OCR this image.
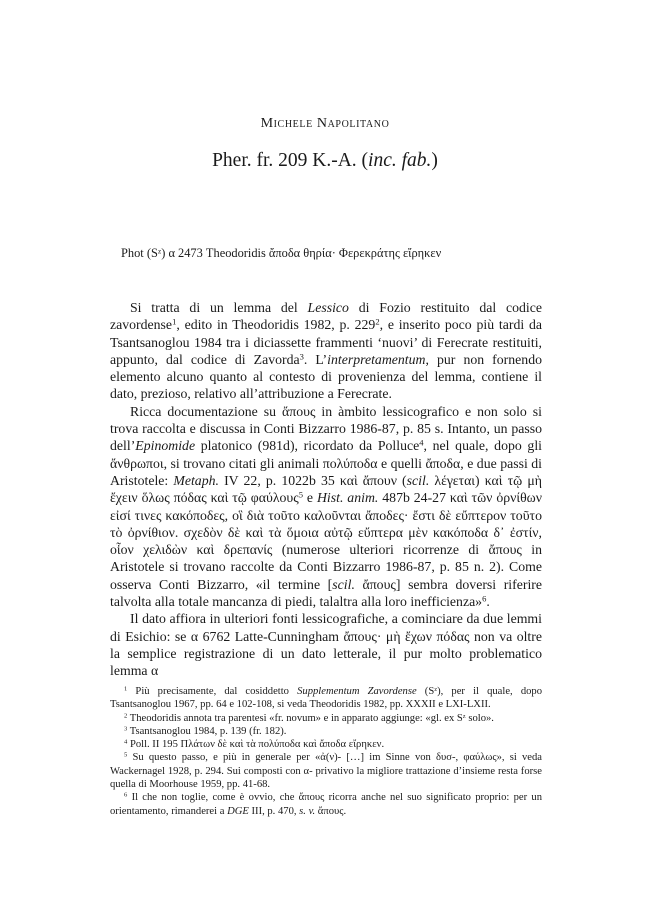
Michele Napolitano
Pher. fr. 209 K.-A. (inc. fab.)
Phot (Sᶻ) α 2473 Theodoridis ἄποδα θηρία· Φερεκράτης εἴρηκεν

Si tratta di un lemma del Lessico di Fozio restituito dal codice zavordense$^1$, edito in Theodoridis 1982, p. $229^2$, e inserito poco più tardi da Tsantsanoglou 1984 tra i diciassette frammenti ‘nuovi’ di Ferecrate restituiti, appunto, dal codice di Zavorda$^3$. L’interpretamentum, pur non fornendo elemento alcuno quanto al contesto di provenienza del lemma, contiene il dato, prezioso, relativo all’attribuzione a Ferecrate.

Ricca documentazione su ἄπους in àmbito lessicografico e non solo si trova raccolta e discussa in Conti Bizzarro 1986-87, p. 85 s. Intanto, un passo dell’Epinomide platonico (981d), ricordato da Polluce$^4$, nel quale, dopo gli ἄνθρωποι, si trovano citati gli animali πολύποδα e quelli ἄποδα, e due passi di Aristotele: Metaph. IV 22, p. 1022b 35 καὶ ἄπουν (scil. λέγεται) καὶ τῷ μὴ ἔχειν ὅλως πόδας καὶ τῷ φαύλους$^5$ e Hist. anim. 487b 24-27 καὶ τῶν ὀρνίθων εἰσί τινες κακόποδες, οἳ διὰ τοῦτο καλοῦνται ἄποδες· ἔστι δὲ εὔπτερον τοῦτο τὸ ὀρνίθιον. σχεδὸν δὲ καὶ τὰ ὅμοια αὐτῷ εὔπτερα μὲν κακόποδα δ᾽ ἐστίν, οἷον χελιδὼν καὶ δρεπανίς (numerose ulteriori ricorrenze di ἄπους in Aristotele si trovano raccolte da Conti Bizzarro 1986-87, p. 85 n. 2). Come osserva Conti Bizzarro, «il termine [scil. ἄπους] sembra doversi riferire talvolta alla totale mancanza di piedi, talaltra alla loro inefficienza»$^6$.

Il dato affiora in ulteriori fonti lessicografiche, a cominciare da due lemmi di Esichio: se α 6762 Latte-Cunningham ἄπους· μὴ ἔχων πόδας non va oltre la semplice registrazione di un dato letterale, il pur molto problematico lemma α

$^1$ Più precisamente, dal cosiddetto Supplementum Zavordense (Sᶻ), per il quale, dopo Tsantsanoglou 1967, pp. 64 e 102-108, si veda Theodoridis 1982, pp. XXXII e LXI-LXII.

$^2$ Theodoridis annota tra parentesi «fr. novum» e in apparato aggiunge: «gl. ex Sᶻ solo».

$^3$ Tsantsanoglou 1984, p. 139 (fr. 182).

$^4$ Poll. II 195 Πλάτων δὲ καὶ τὰ πολύποδα καὶ ἄποδα εἴρηκεν.

$^5$ Su questo passo, e più in generale per «ἀ(ν)- […] im Sinne von δυσ-, φαύλως», si veda Wackernagel 1928, p. 294. Sui composti con α- privativo la migliore trattazione d’insieme resta forse quella di Moorhouse 1959, pp. 41-68.

$^6$ Il che non toglie, come è ovvio, che ἄπους ricorra anche nel suo significato proprio: per un orientamento, rimanderei a DGE III, p. 470, s. v. ἄπους.
